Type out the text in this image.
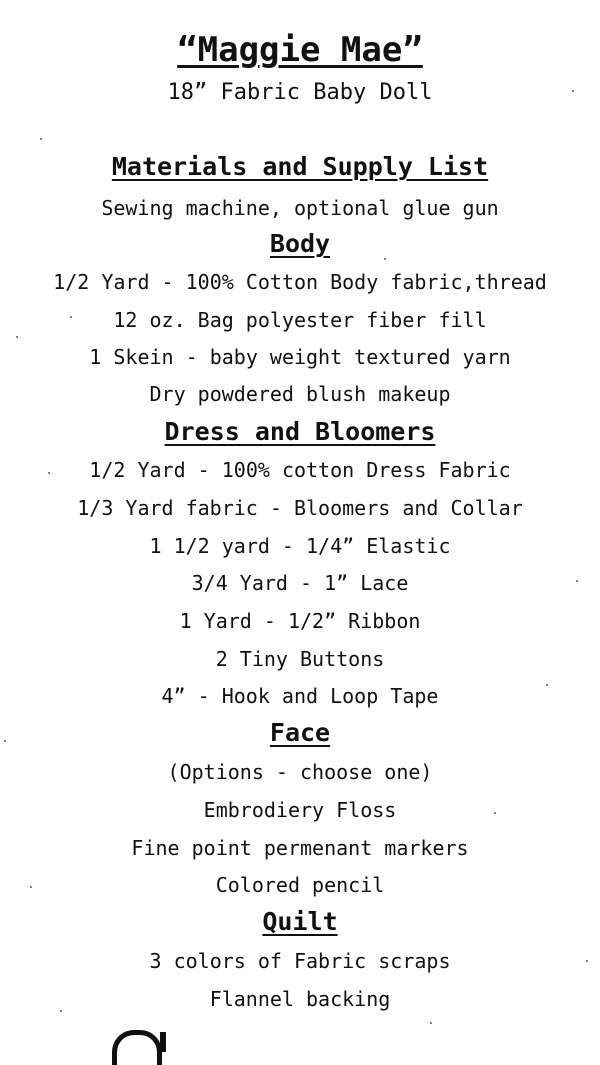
“Maggie Mae”
18” Fabric Baby Doll
Materials and Supply List
Sewing machine, optional glue gun
Body
1/2 Yard - 100% Cotton Body fabric,thread
12 oz. Bag polyester fiber fill
1 Skein - baby weight textured yarn
Dry powdered blush makeup
Dress and Bloomers
1/2 Yard - 100% cotton Dress Fabric
1/3 Yard fabric - Bloomers and Collar
1 1/2 yard - 1/4” Elastic
3/4 Yard - 1” Lace
1 Yard - 1/2” Ribbon
2 Tiny Buttons
4” - Hook and Loop Tape
Face
(Options - choose one)
Embrodiery Floss
Fine point permenant markers
Colored pencil
Quilt
3 colors of Fabric scraps
Flannel backing
